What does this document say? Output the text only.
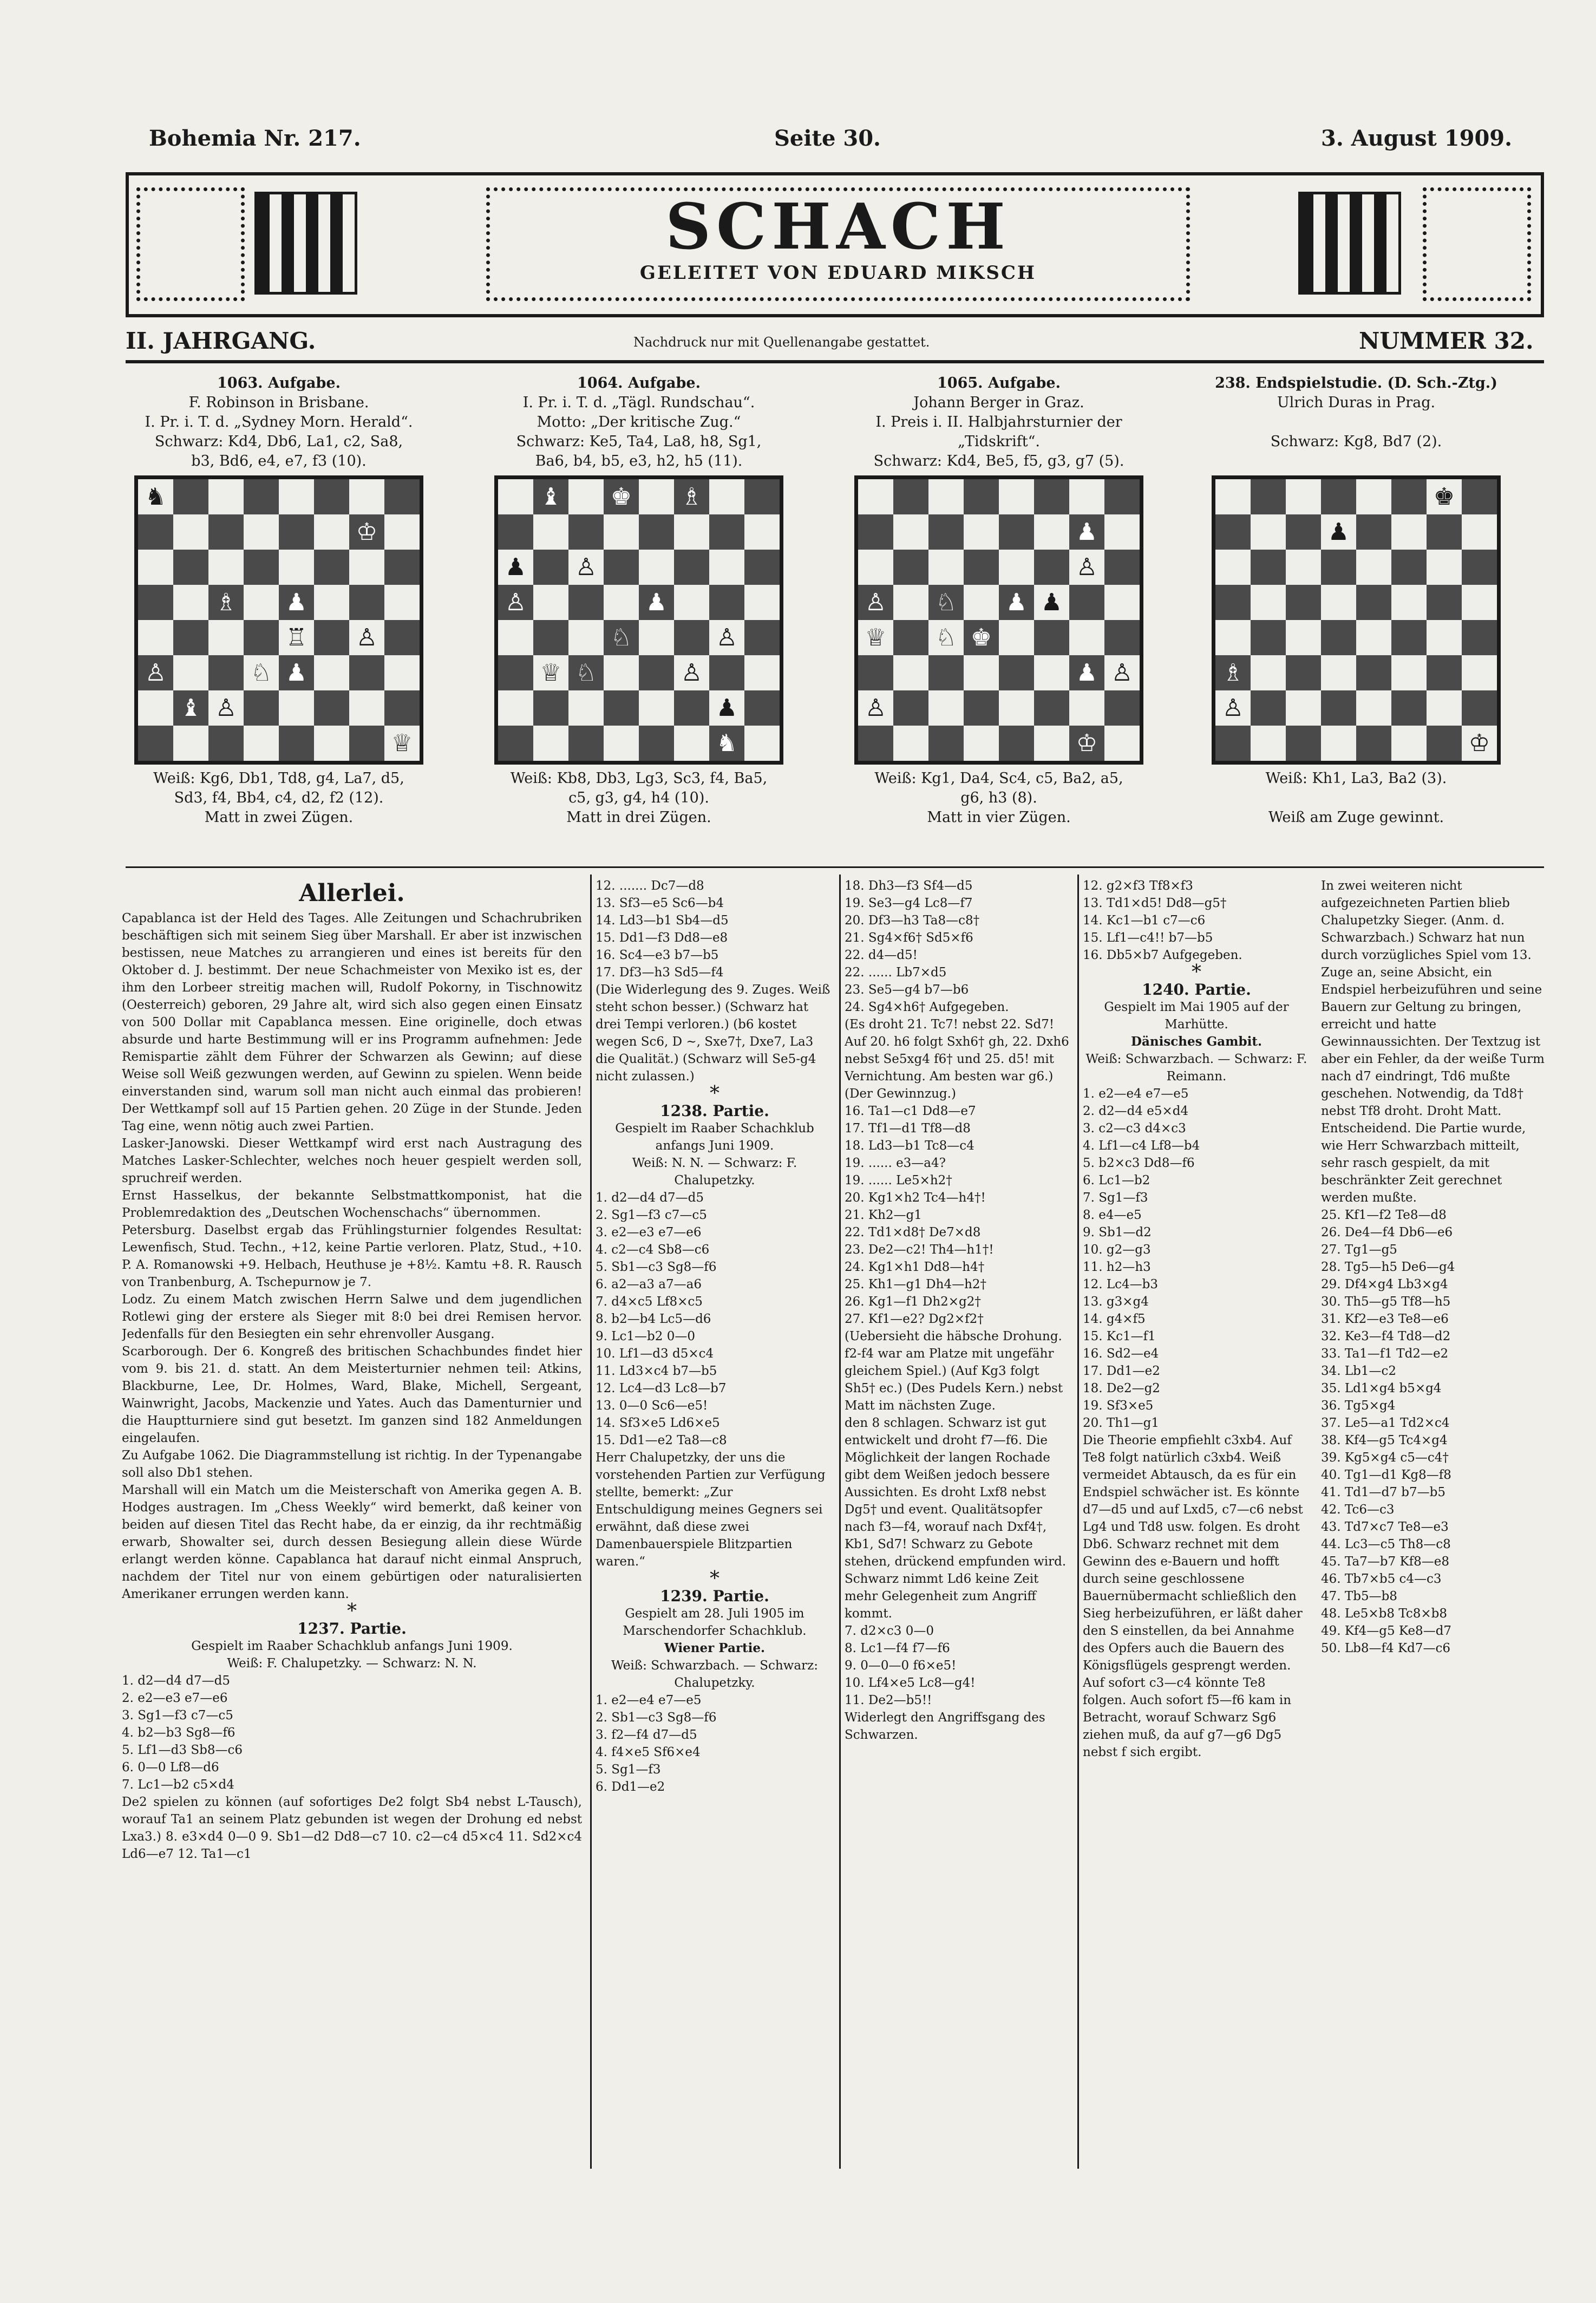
Bohemia Nr. 217.	Seite 30.	3. August 1909.
SCHACH
GELEITET VON EDUARD MIKSCH
II. JAHRGANG.	Nachdruck nur mit Quellenangabe gestattet.	NUMMER 32.

1063. Aufgabe.

F. Robinson in Brisbane.

I. Pr. i. T. d. „Sydney Morn. Herald“.

Schwarz: Kd4, Db6, La1, c2, Sa8,

b3, Bd6, e4, e7, f3 (10).

♞
♔
♗ ♟
♖ ♙
♙	♘ ♟
♝ ♙
♕

Weiß: Kg6, Db1, Td8, g4, La7, d5,

Sd3, f4, Bb4, c4, d2, f2 (12).

Matt in zwei Zügen.

1064. Aufgabe.

I. Pr. i. T. d. „Tägl. Rundschau“.

Motto: „Der kritische Zug.“

Schwarz: Ke5, Ta4, La8, h8, Sg1,

Ba6, b4, b5, e3, h2, h5 (11).

♝ ♚ ♗
♟ ♙
♙	♟
♘	♙
♕ ♘	♙
♟
♞

Weiß: Kb8, Db3, Lg3, Sc3, f4, Ba5,

c5, g3, g4, h4 (10).

Matt in drei Zügen.

1065. Aufgabe.

Johann Berger in Graz.

I. Preis i. II. Halbjahrsturnier der

„Tidskrift“.

Schwarz: Kd4, Be5, f5, g3, g7 (5).

♟
♙
♙ ♘ ♟ ♟
♕ ♘ ♚
♟ ♙
♙
♔

Weiß: Kg1, Da4, Sc4, c5, Ba2, a5,

g6, h3 (8).

Matt in vier Zügen.

238. Endspielstudie. (D. Sch.-Ztg.)

Ulrich Duras in Prag.

Schwarz: Kg8, Bd7 (2).

♚
♟
♗
♙
♔

Weiß: Kh1, La3, Ba2 (3).

Weiß am Zuge gewinnt.

Allerlei.

Capablanca ist der Held des Tages. Alle Zeitungen und Schachrubriken beschäftigen sich mit seinem Sieg über Marshall. Er aber ist inzwischen bestissen, neue Matches zu arrangieren und eines ist bereits für den Oktober d. J. bestimmt. Der neue Schachmeister von Mexiko ist es, der ihm den Lorbeer streitig machen will, Rudolf Pokorny, in Tischnowitz (Oesterreich) geboren, 29 Jahre alt, wird sich also gegen einen Einsatz von 500 Dollar mit Capablanca messen. Eine originelle, doch etwas absurde und harte Bestimmung will er ins Programm aufnehmen: Jede Remispartie zählt dem Führer der Schwarzen als Gewinn; auf diese Weise soll Weiß gezwungen werden, auf Gewinn zu spielen. Wenn beide einverstanden sind, warum soll man nicht auch einmal das probieren! Der Wettkampf soll auf 15 Partien gehen. 20 Züge in der Stunde. Jeden Tag eine, wenn nötig auch zwei Partien.

Lasker-Janowski. Dieser Wettkampf wird erst nach Austragung des Matches Lasker-Schlechter, welches noch heuer gespielt werden soll, spruchreif werden.

Ernst Hasselkus, der bekannte Selbstmattkomponist, hat die Problemredaktion des „Deutschen Wochenschachs“ übernommen.

Petersburg. Daselbst ergab das Frühlingsturnier folgendes Resultat: Lewenfisch, Stud. Techn., +12, keine Partie verloren. Platz, Stud., +10. P. A. Romanowski +9. Helbach, Heuthuse je +8½. Kamtu +8. R. Rausch von Tranbenburg, A. Tschepurnow je 7.

Lodz. Zu einem Match zwischen Herrn Salwe und dem jugendlichen Rotlewi ging der erstere als Sieger mit 8:0 bei drei Remisen hervor. Jedenfalls für den Besiegten ein sehr ehrenvoller Ausgang.

Scarborough. Der 6. Kongreß des britischen Schachbundes findet hier vom 9. bis 21. d. statt. An dem Meisterturnier nehmen teil: Atkins, Blackburne, Lee, Dr. Holmes, Ward, Blake, Michell, Sergeant, Wainwright, Jacobs, Mackenzie und Yates. Auch das Damenturnier und die Hauptturniere sind gut besetzt. Im ganzen sind 182 Anmeldungen eingelaufen.

Zu Aufgabe 1062. Die Diagrammstellung ist richtig. In der Typenangabe soll also Db1 stehen.

Marshall will ein Match um die Meisterschaft von Amerika gegen A. B. Hodges austragen. Im „Chess Weekly“ wird bemerkt, daß keiner von beiden auf diesen Titel das Recht habe, da er einzig, da ihr rechtmäßig erwarb, Showalter sei, durch dessen Besiegung allein diese Würde erlangt werden könne. Capablanca hat darauf nicht einmal Anspruch, nachdem der Titel nur von einem gebürtigen oder naturalisierten Amerikaner errungen werden kann.

*

1237. Partie.

Gespielt im Raaber Schachklub anfangs Juni 1909.

Weiß: F. Chalupetzky. — Schwarz: N. N.

1. d2—d4 d7—d5

2. e2—e3 e7—e6

3. Sg1—f3 c7—c5

4. b2—b3 Sg8—f6

5. Lf1—d3 Sb8—c6

6. 0—0 Lf8—d6

7. Lc1—b2 c5×d4

De2 spielen zu können (auf sofortiges De2 folgt Sb4 nebst L-Tausch), worauf Ta1 an seinem Platz gebunden ist wegen der Drohung ed nebst Lxa3.) 8. e3×d4 0—0 9. Sb1—d2 Dd8—c7 10. c2—c4 d5×c4 11. Sd2×c4 Ld6—e7 12. Ta1—c1

12. ....... Dc7—d8

13. Sf3—e5 Sc6—b4

14. Ld3—b1 Sb4—d5

15. Dd1—f3 Dd8—e8

16. Sc4—e3 b7—b5

17. Df3—h3 Sd5—f4

(Die Widerlegung des 9. Zuges. Weiß steht schon besser.) (Schwarz hat drei Tempi verloren.) (b6 kostet wegen Sc6, D ~, Sxe7†, Dxe7, La3 die Qualität.) (Schwarz will Se5-g4 nicht zulassen.)

*

1238. Partie.

Gespielt im Raaber Schachklub anfangs Juni 1909.

Weiß: N. N. — Schwarz: F. Chalupetzky.

1. d2—d4 d7—d5

2. Sg1—f3 c7—c5

3. e2—e3 e7—e6

4. c2—c4 Sb8—c6

5. Sb1—c3 Sg8—f6

6. a2—a3 a7—a6

7. d4×c5 Lf8×c5

8. b2—b4 Lc5—d6

9. Lc1—b2 0—0

10. Lf1—d3 d5×c4

11. Ld3×c4 b7—b5

12. Lc4—d3 Lc8—b7

13. 0—0 Sc6—e5!

14. Sf3×e5 Ld6×e5

15. Dd1—e2 Ta8—c8

Herr Chalupetzky, der uns die vorstehenden Partien zur Verfügung stellte, bemerkt: „Zur Entschuldigung meines Gegners sei erwähnt, daß diese zwei Damenbauerspiele Blitzpartien waren.“

*

1239. Partie.

Gespielt am 28. Juli 1905 im Marschendorfer Schachklub.

Wiener Partie.

Weiß: Schwarzbach. — Schwarz: Chalupetzky.

1. e2—e4 e7—e5

2. Sb1—c3 Sg8—f6

3. f2—f4 d7—d5

4. f4×e5 Sf6×e4

5. Sg1—f3

6. Dd1—e2

18. Dh3—f3 Sf4—d5

19. Se3—g4 Lc8—f7

20. Df3—h3 Ta8—c8†

21. Sg4×f6† Sd5×f6

22. d4—d5!

22. ...... Lb7×d5

23. Se5—g4 b7—b6

24. Sg4×h6† Aufgegeben.

(Es droht 21. Tc7! nebst 22. Sd7! Auf 20. h6 folgt Sxh6† gh, 22. Dxh6 nebst Se5xg4 f6† und 25. d5! mit Vernichtung. Am besten war g6.) (Der Gewinnzug.)

16. Ta1—c1 Dd8—e7

17. Tf1—d1 Tf8—d8

18. Ld3—b1 Tc8—c4

19. ...... e3—a4?

19. ...... Le5×h2†

20. Kg1×h2 Tc4—h4†!

21. Kh2—g1

22. Td1×d8† De7×d8

23. De2—c2! Th4—h1†!

24. Kg1×h1 Dd8—h4†

25. Kh1—g1 Dh4—h2†

26. Kg1—f1 Dh2×g2†

27. Kf1—e2? Dg2×f2†

(Uebersieht die häbsche Drohung. f2-f4 war am Platze mit ungefähr gleichem Spiel.) (Auf Kg3 folgt Sh5† ec.) (Des Pudels Kern.) nebst Matt im nächsten Zuge.

den 8 schlagen. Schwarz ist gut entwickelt und droht f7—f6. Die Möglichkeit der langen Rochade gibt dem Weißen jedoch bessere Aussichten. Es droht Lxf8 nebst Dg5† und event. Qualitätsopfer nach f3—f4, worauf nach Dxf4†, Kb1, Sd7! Schwarz zu Gebote stehen, drückend empfunden wird. Schwarz nimmt Ld6 keine Zeit mehr Gelegenheit zum Angriff kommt.

7. d2×c3 0—0

8. Lc1—f4 f7—f6

9. 0—0—0 f6×e5!

10. Lf4×e5 Lc8—g4!

11. De2—b5!!

Widerlegt den Angriffsgang des Schwarzen.

12. g2×f3 Tf8×f3

13. Td1×d5! Dd8—g5†

14. Kc1—b1 c7—c6

15. Lf1—c4!! b7—b5

16. Db5×b7 Aufgegeben.

*

1240. Partie.

Gespielt im Mai 1905 auf der Marhütte.

Dänisches Gambit.

Weiß: Schwarzbach. — Schwarz: F. Reimann.

1. e2—e4 e7—e5

2. d2—d4 e5×d4

3. c2—c3 d4×c3

4. Lf1—c4 Lf8—b4

5. b2×c3 Dd8—f6

6. Lc1—b2

7. Sg1—f3

8. e4—e5

9. Sb1—d2

10. g2—g3

11. h2—h3

12. Lc4—b3

13. g3×g4

14. g4×f5

15. Kc1—f1

16. Sd2—e4

17. Dd1—e2

18. De2—g2

19. Sf3×e5

20. Th1—g1

Die Theorie empfiehlt c3xb4. Auf Te8 folgt natürlich c3xb4. Weiß vermeidet Abtausch, da es für ein Endspiel schwächer ist. Es könnte d7—d5 und auf Lxd5, c7—c6 nebst Lg4 und Td8 usw. folgen. Es droht Db6. Schwarz rechnet mit dem Gewinn des e-Bauern und hofft durch seine geschlossene Bauernübermacht schließlich den Sieg herbeizuführen, er läßt daher den S einstellen, da bei Annahme des Opfers auch die Bauern des Königsflügels gesprengt werden. Auf sofort c3—c4 könnte Te8 folgen. Auch sofort f5—f6 kam in Betracht, worauf Schwarz Sg6 ziehen muß, da auf g7—g6 Dg5 nebst f sich ergibt.

In zwei weiteren nicht aufgezeichneten Partien blieb Chalupetzky Sieger. (Anm. d. Schwarzbach.) Schwarz hat nun durch vorzügliches Spiel vom 13. Zuge an, seine Absicht, ein Endspiel herbeizuführen und seine Bauern zur Geltung zu bringen, erreicht und hatte Gewinnaussichten. Der Textzug ist aber ein Fehler, da der weiße Turm nach d7 eindringt, Td6 mußte geschehen. Notwendig, da Td8† nebst Tf8 droht. Droht Matt. Entscheidend. Die Partie wurde, wie Herr Schwarzbach mitteilt, sehr rasch gespielt, da mit beschränkter Zeit gerechnet werden mußte.

25. Kf1—f2 Te8—d8

26. De4—f4 Db6—e6

27. Tg1—g5

28. Tg5—h5 De6—g4

29. Df4×g4 Lb3×g4

30. Th5—g5 Tf8—h5

31. Kf2—e3 Te8—e6

32. Ke3—f4 Td8—d2

33. Ta1—f1 Td2—e2

34. Lb1—c2

35. Ld1×g4 b5×g4

36. Tg5×g4

37. Le5—a1 Td2×c4

38. Kf4—g5 Tc4×g4

39. Kg5×g4 c5—c4†

40. Tg1—d1 Kg8—f8

41. Td1—d7 b7—b5

42. Tc6—c3

43. Td7×c7 Te8—e3

44. Lc3—c5 Th8—c8

45. Ta7—b7 Kf8—e8

46. Tb7×b5 c4—c3

47. Tb5—b8

48. Le5×b8 Tc8×b8

49. Kf4—g5 Ke8—d7

50. Lb8—f4 Kd7—c6
